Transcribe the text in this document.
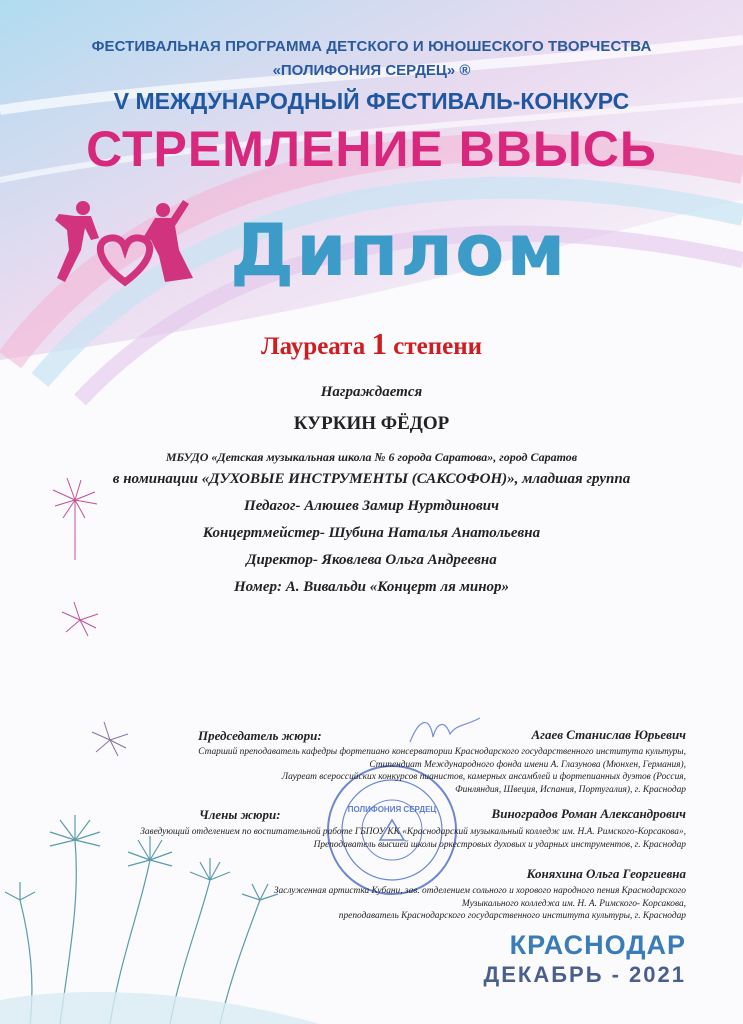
ФЕСТИВАЛЬНАЯ ПРОГРАММА ДЕТСКОГО И ЮНОШЕСКОГО ТВОРЧЕСТВА
«ПОЛИФОНИЯ СЕРДЕЦ» ®
V МЕЖДУНАРОДНЫЙ ФЕСТИВАЛЬ-КОНКУРС
СТРЕМЛЕНИЕ ВВЫСЬ
Диплом
Лауреата 1 степени
Награждается
КУРКИН ФЁДОР
МБУДО «Детская музыкальная школа № 6 города Саратова», город Саратов
в номинации «ДУХОВЫЕ ИНСТРУМЕНТЫ (САКСОФОН)», младшая группа
Педагог- Алюшев Замир Нуртдинович
Концертмейстер- Шубина Наталья Анатольевна
Директор- Яковлева Ольга Андреевна
Номер: А. Вивальди «Концерт ля минор»
ПОЛИФОНИЯ СЕРДЕЦ
Председатель жюри:	Агаев Станислав Юрьевич
Старший преподаватель кафедры фортепиано консерватории Краснодарского государственного института культуры,
Стипендиат Международного фонда имени А. Глазунова (Мюнхен, Германия),
Лауреат всероссийских конкурсов пианистов, камерных ансамблей и фортепианных дуэтов (Россия,
Финляндия, Швеция, Испания, Португалия), г. Краснодар
Члены жюри:	Виноградов Роман Александрович
Заведующий отделением по воспитательной работе ГБПОУ КК «Краснодарский музыкальный колледж им. Н.А. Римского-Корсакова»,
Преподаватель высшей школы оркестровых духовых и ударных инструментов, г. Краснодар
Коняхина Ольга Георгиевна
Заслуженная артистка Кубани, зав. отделением сольного и хорового народного пения Краснодарского
Музыкального колледжа им. Н. А. Римского- Корсакова,
преподаватель Краснодарского государственного института культуры, г. Краснодар
КРАСНОДАР
ДЕКАБРЬ - 2021
